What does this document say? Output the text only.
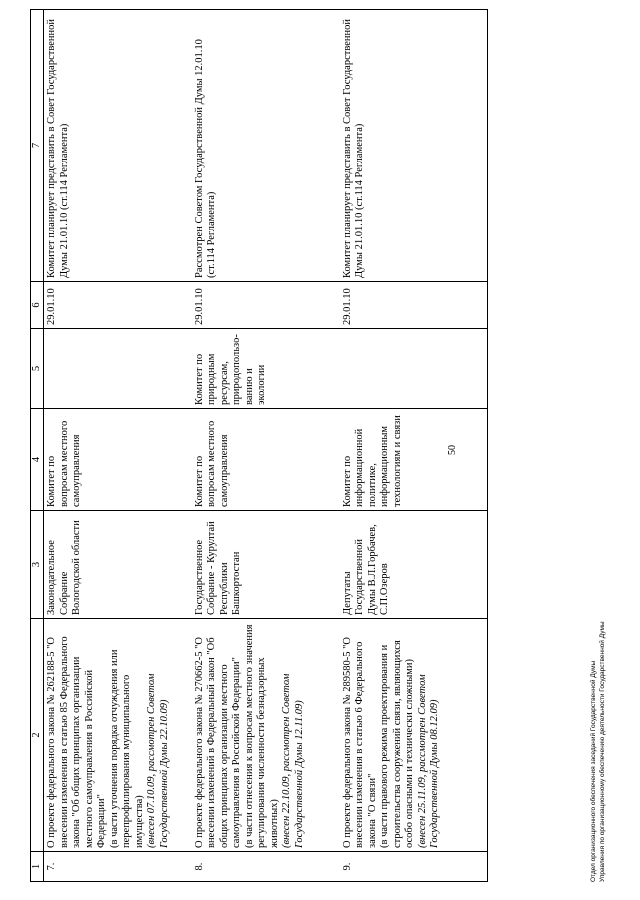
50
1	2	3	4	5	6	7
7.	О проекте федерального закона № 262188-5 "О внесении изменения в статью 85 Федерального закона "Об общих принципах организации местного самоуправления в Российской Федерации" (в части уточнения порядка отчуждения или перепрофилирования муниципального имущества) (внесен 07.10.09, рассмотрен Советом Государственной Думы 22.10.09)	Законодательное Собрание Вологодской области	Комитет по вопросам местного самоуправления		29.01.10	Комитет планирует представить в Совет Государственной Думы 21.01.10 (ст.114 Регламента)
8.	О проекте федерального закона № 270662-5 "О внесении изменений в Федеральный закон "Об общих принципах организации местного самоуправления в Российской Федерации" (в части отнесения к вопросам местного значения регулирования численности безнадзорных животных) (внесен 22.10.09, рассмотрен Советом Государственной Думы 12.11.09)	Государственное Собрание - Курултай Республики Башкортостан	Комитет по вопросам местного самоуправления	Комитет по природным ресурсам, природопользо-ванию и экологии	29.01.10	Рассмотрен Советом Государственной Думы 12.01.10 (ст.114 Регламента)
9.	О проекте федерального закона № 289580-5 "О внесении изменения в статью 6 Федерального закона "О связи" (в части правового режима проектирования и строительства сооружений связи, являющихся особо опасными и технически сложными) (внесен 25.11.09, рассмотрен Советом Государственной Думы 08.12.09)	Депутаты Государственной Думы В.Л.Горбачев, С.П.Озеров	Комитет по информационной политике, информационным технологиям и связи		29.01.10	Комитет планирует представить в Совет Государственной Думы 21.01.10 (ст.114 Регламента)
Отдел организационного обеспечения заседаний Государственной Думы Управления по организационному обеспечению деятельности Государственной Думы
